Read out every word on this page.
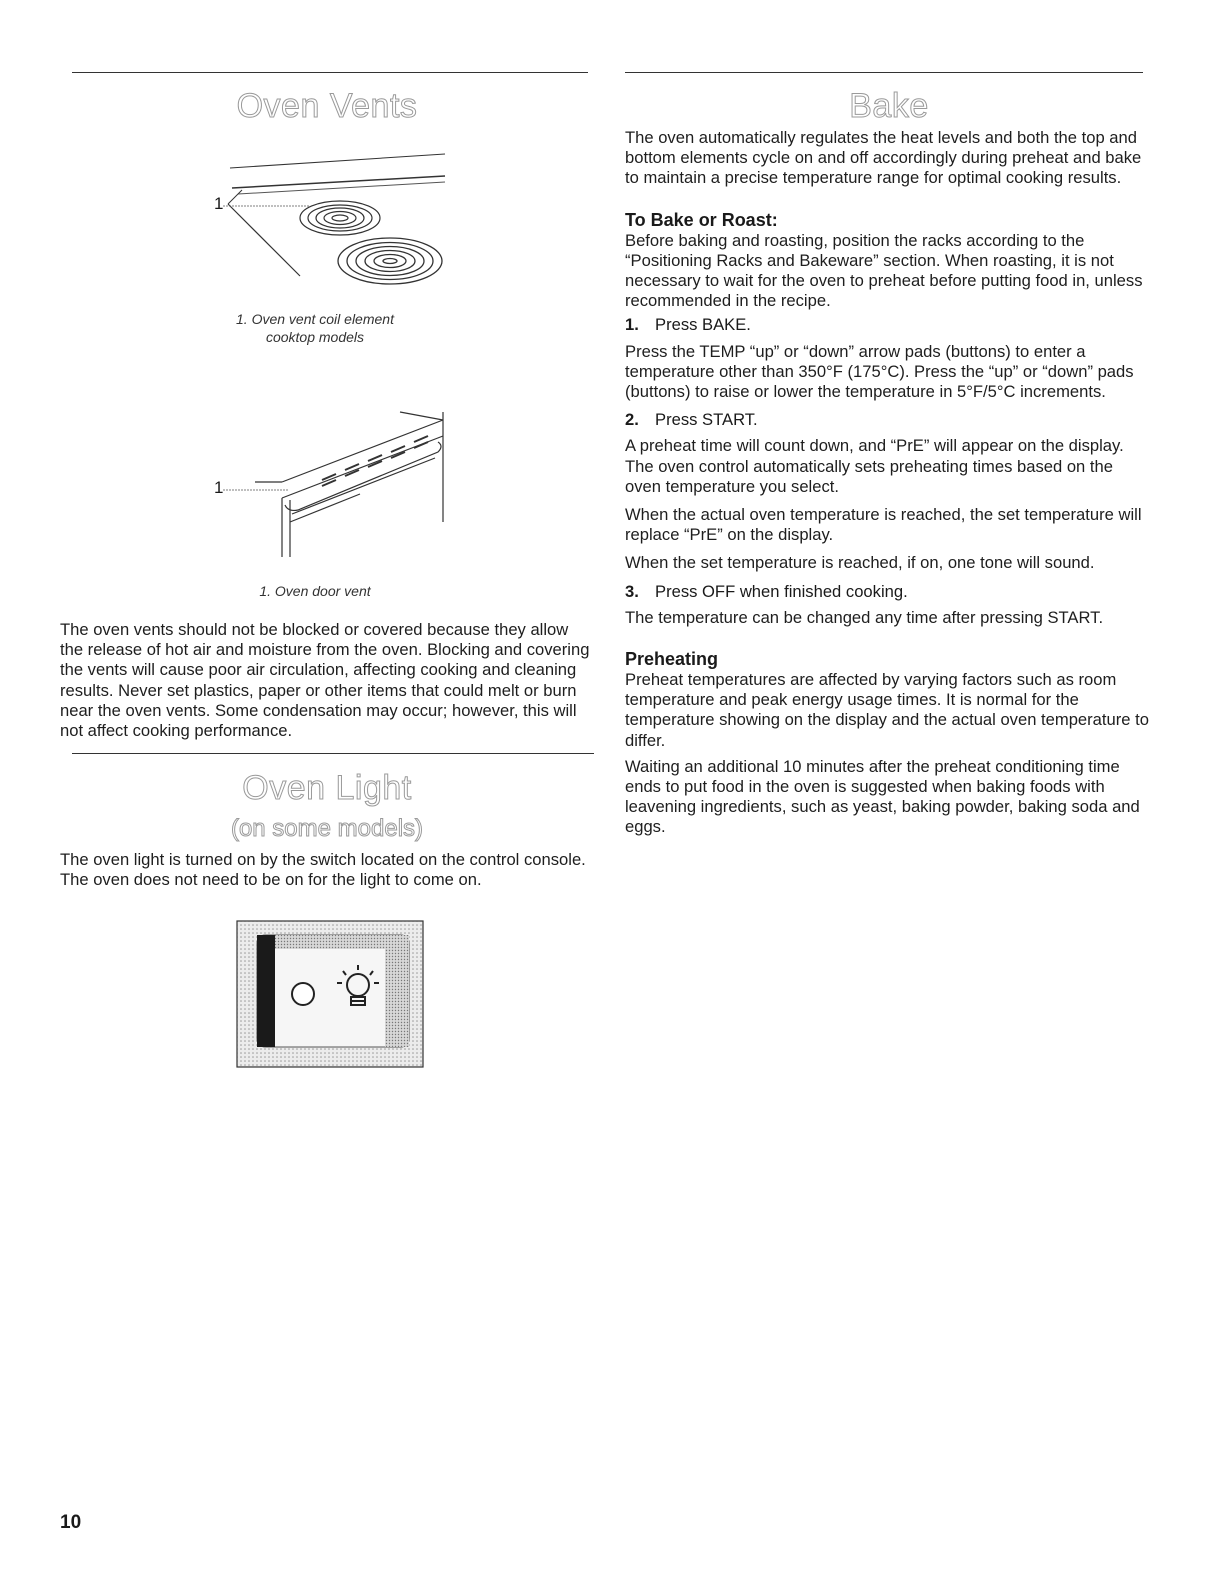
Oven Vents
1

1. Oven vent coil element

cooktop models

1

1. Oven door vent

The oven vents should not be blocked or covered because they allow the release of hot air and moisture from the oven. Blocking and covering the vents will cause poor air circulation, affecting cooking and cleaning results. Never set plastics, paper or other items that could melt or burn near the oven vents. Some condensation may occur; however, this will not affect cooking performance.

Oven Light

(on some models)

The oven light is turned on by the switch located on the control console. The oven does not need to be on for the light to come on.

Bake

The oven automatically regulates the heat levels and both the top and bottom elements cycle on and off accordingly during preheat and bake to maintain a precise temperature range for optimal cooking results.

To Bake or Roast:

Before baking and roasting, position the racks according to the “Positioning Racks and Bakeware” section. When roasting, it is not necessary to wait for the oven to preheat before putting food in, unless recommended in the recipe.

1. Press BAKE.

Press the TEMP “up” or “down” arrow pads (buttons) to enter a temperature other than 350°F (175°C). Press the “up” or “down” pads (buttons) to raise or lower the temperature in 5°F/5°C increments.

2. Press START.

A preheat time will count down, and “PrE” will appear on the display. The oven control automatically sets preheating times based on the oven temperature you select.

When the actual oven temperature is reached, the set temperature will replace “PrE” on the display.

When the set temperature is reached, if on, one tone will sound.

3. Press OFF when finished cooking.

The temperature can be changed any time after pressing START.

Preheating

Preheat temperatures are affected by varying factors such as room temperature and peak energy usage times. It is normal for the temperature showing on the display and the actual oven temperature to differ.

Waiting an additional 10 minutes after the preheat conditioning time ends to put food in the oven is suggested when baking foods with leavening ingredients, such as yeast, baking powder, baking soda and eggs.

10
